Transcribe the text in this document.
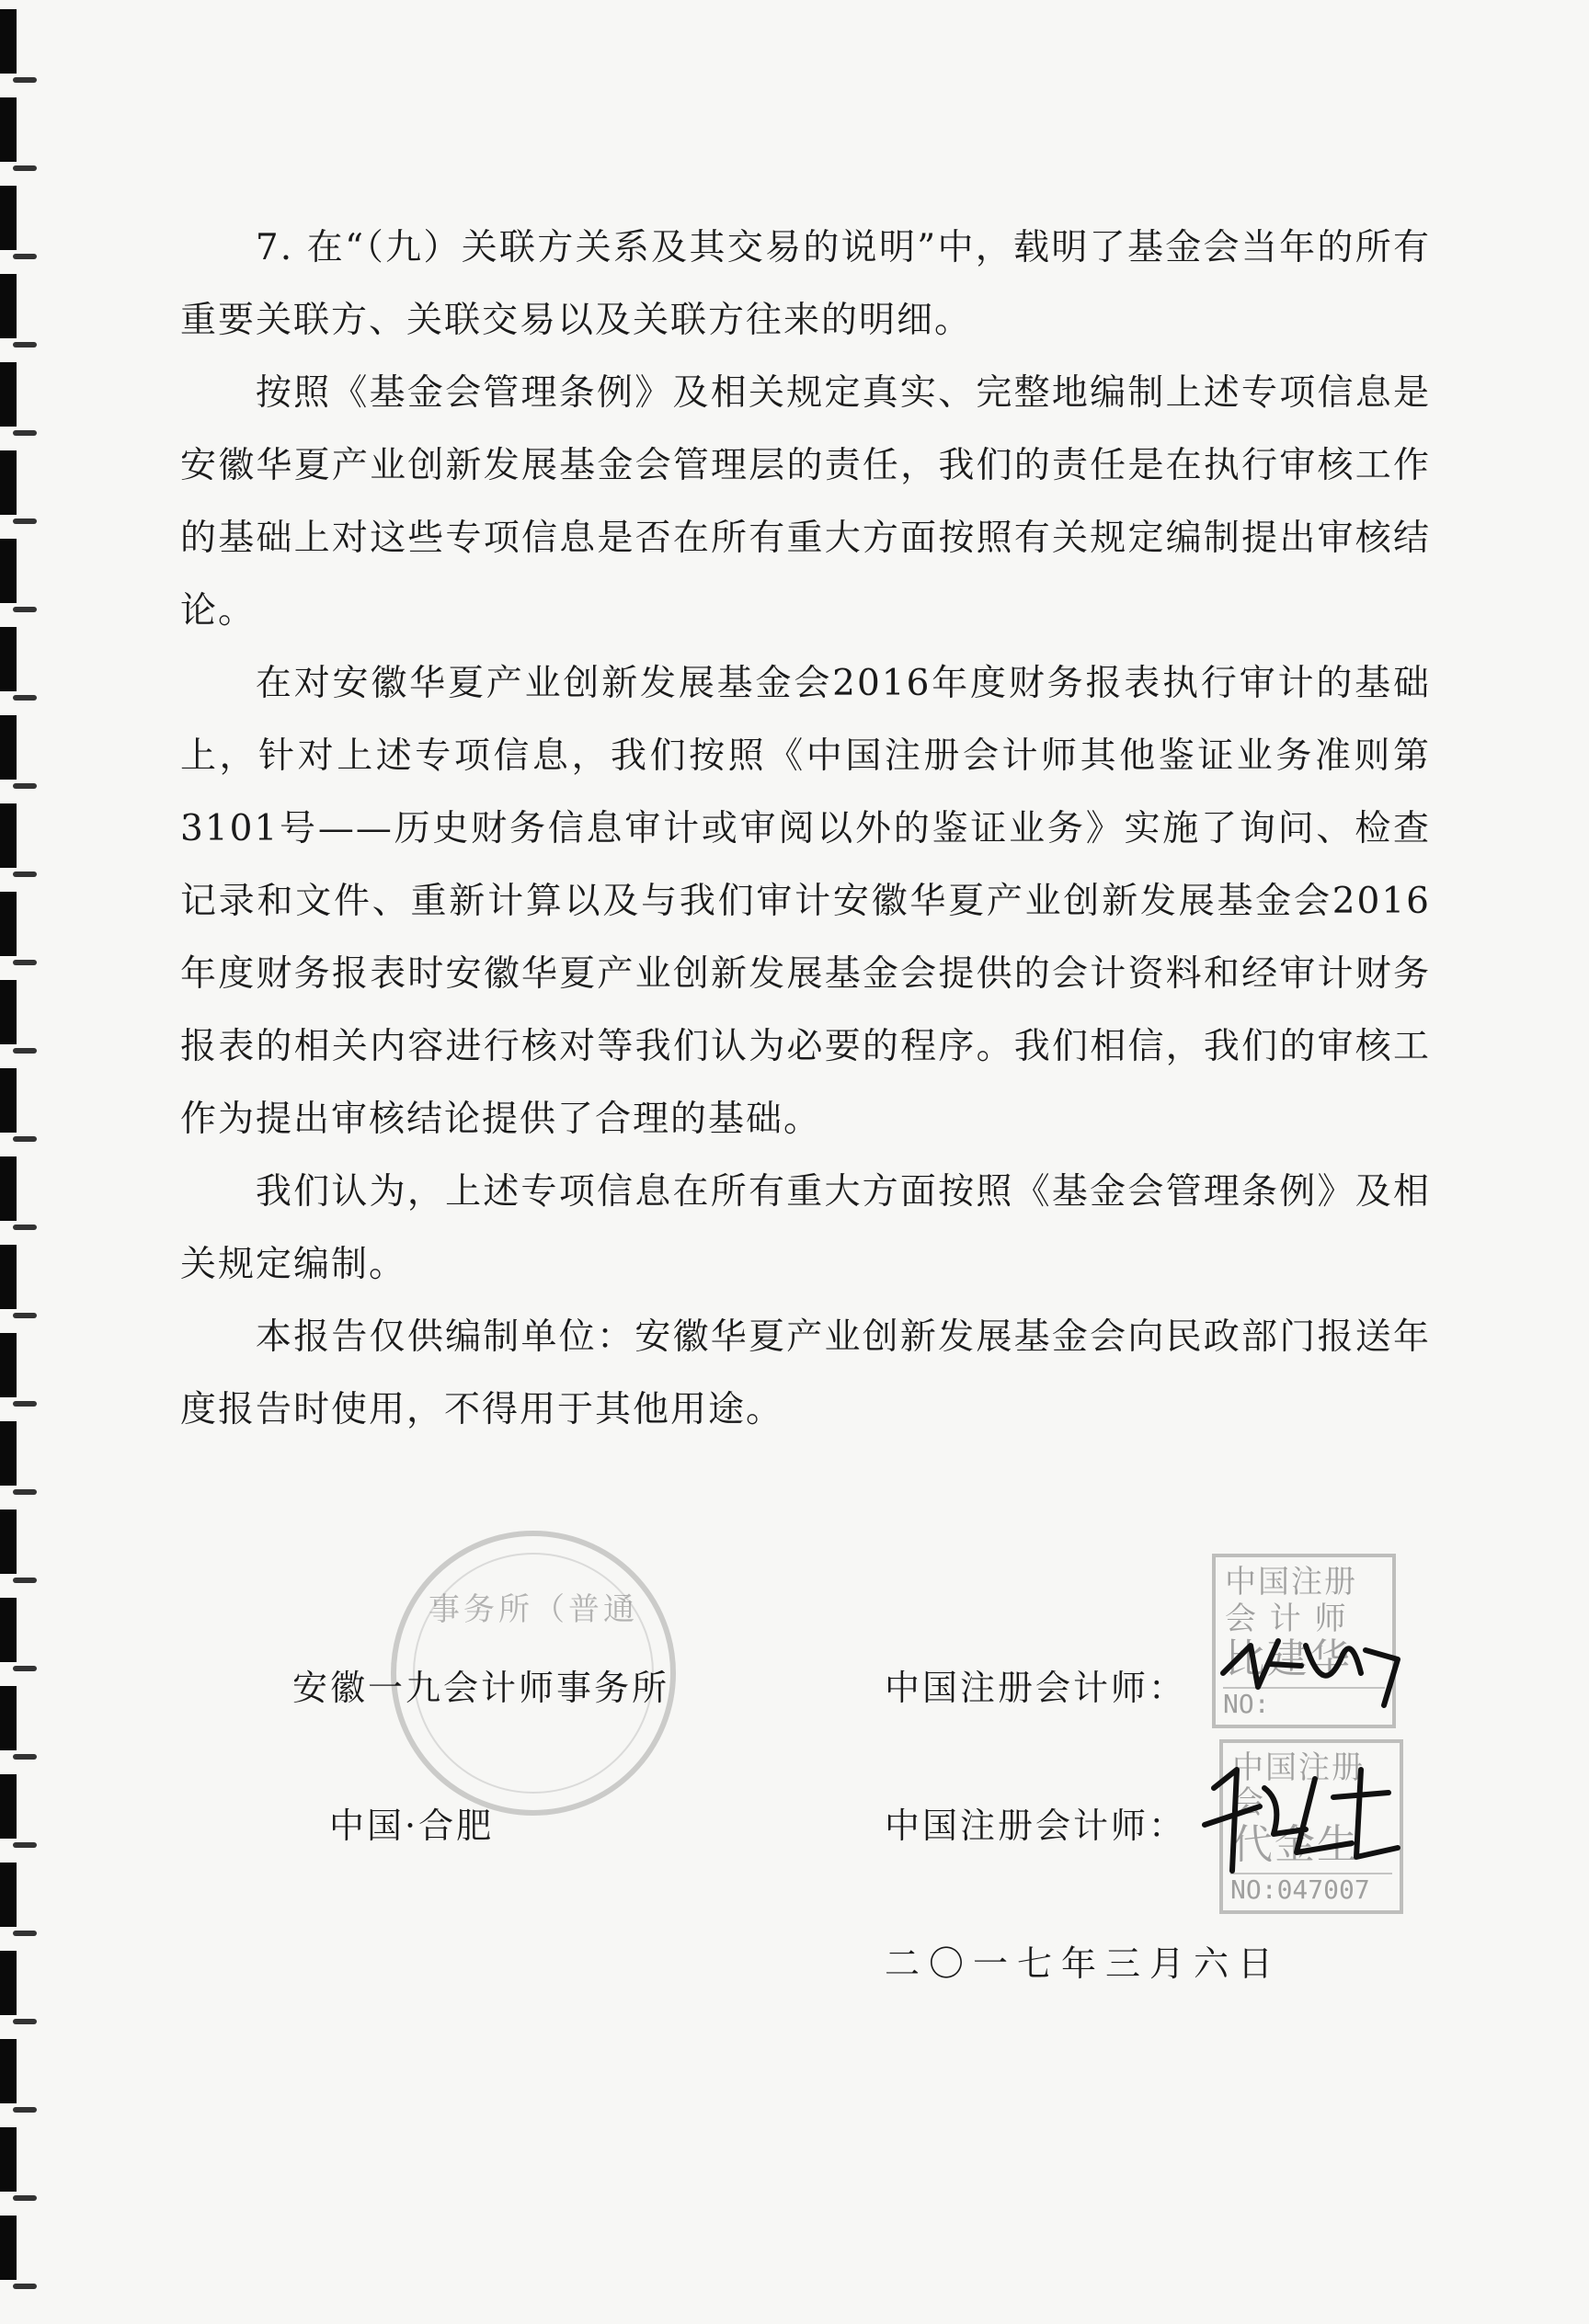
7. 在“（九）关联方关系及其交易的说明”中，载明了基金会当年的所有重要关联方、关联交易以及关联方往来的明细。

按照《基金会管理条例》及相关规定真实、完整地编制上述专项信息是安徽华夏产业创新发展基金会管理层的责任，我们的责任是在执行审核工作的基础上对这些专项信息是否在所有重大方面按照有关规定编制提出审核结论。

在对安徽华夏产业创新发展基金会2016年度财务报表执行审计的基础上，针对上述专项信息，我们按照《中国注册会计师其他鉴证业务准则第3101号——历史财务信息审计或审阅以外的鉴证业务》实施了询问、检查记录和文件、重新计算以及与我们审计安徽华夏产业创新发展基金会2016年度财务报表时安徽华夏产业创新发展基金会提供的会计资料和经审计财务报表的相关内容进行核对等我们认为必要的程序。我们相信，我们的审核工作为提出审核结论提供了合理的基础。

我们认为，上述专项信息在所有重大方面按照《基金会管理条例》及相关规定编制。

本报告仅供编制单位：安徽华夏产业创新发展基金会向民政部门报送年度报告时使用，不得用于其他用途。

事务所（普通
安徽一九会计师事务所
中国·合肥
中国注册会计师：
中国注册会计师：
中国注册
会 计 师
比建华
NO:
中国注册会
代金生
NO:047007
二〇一七年三月六日
